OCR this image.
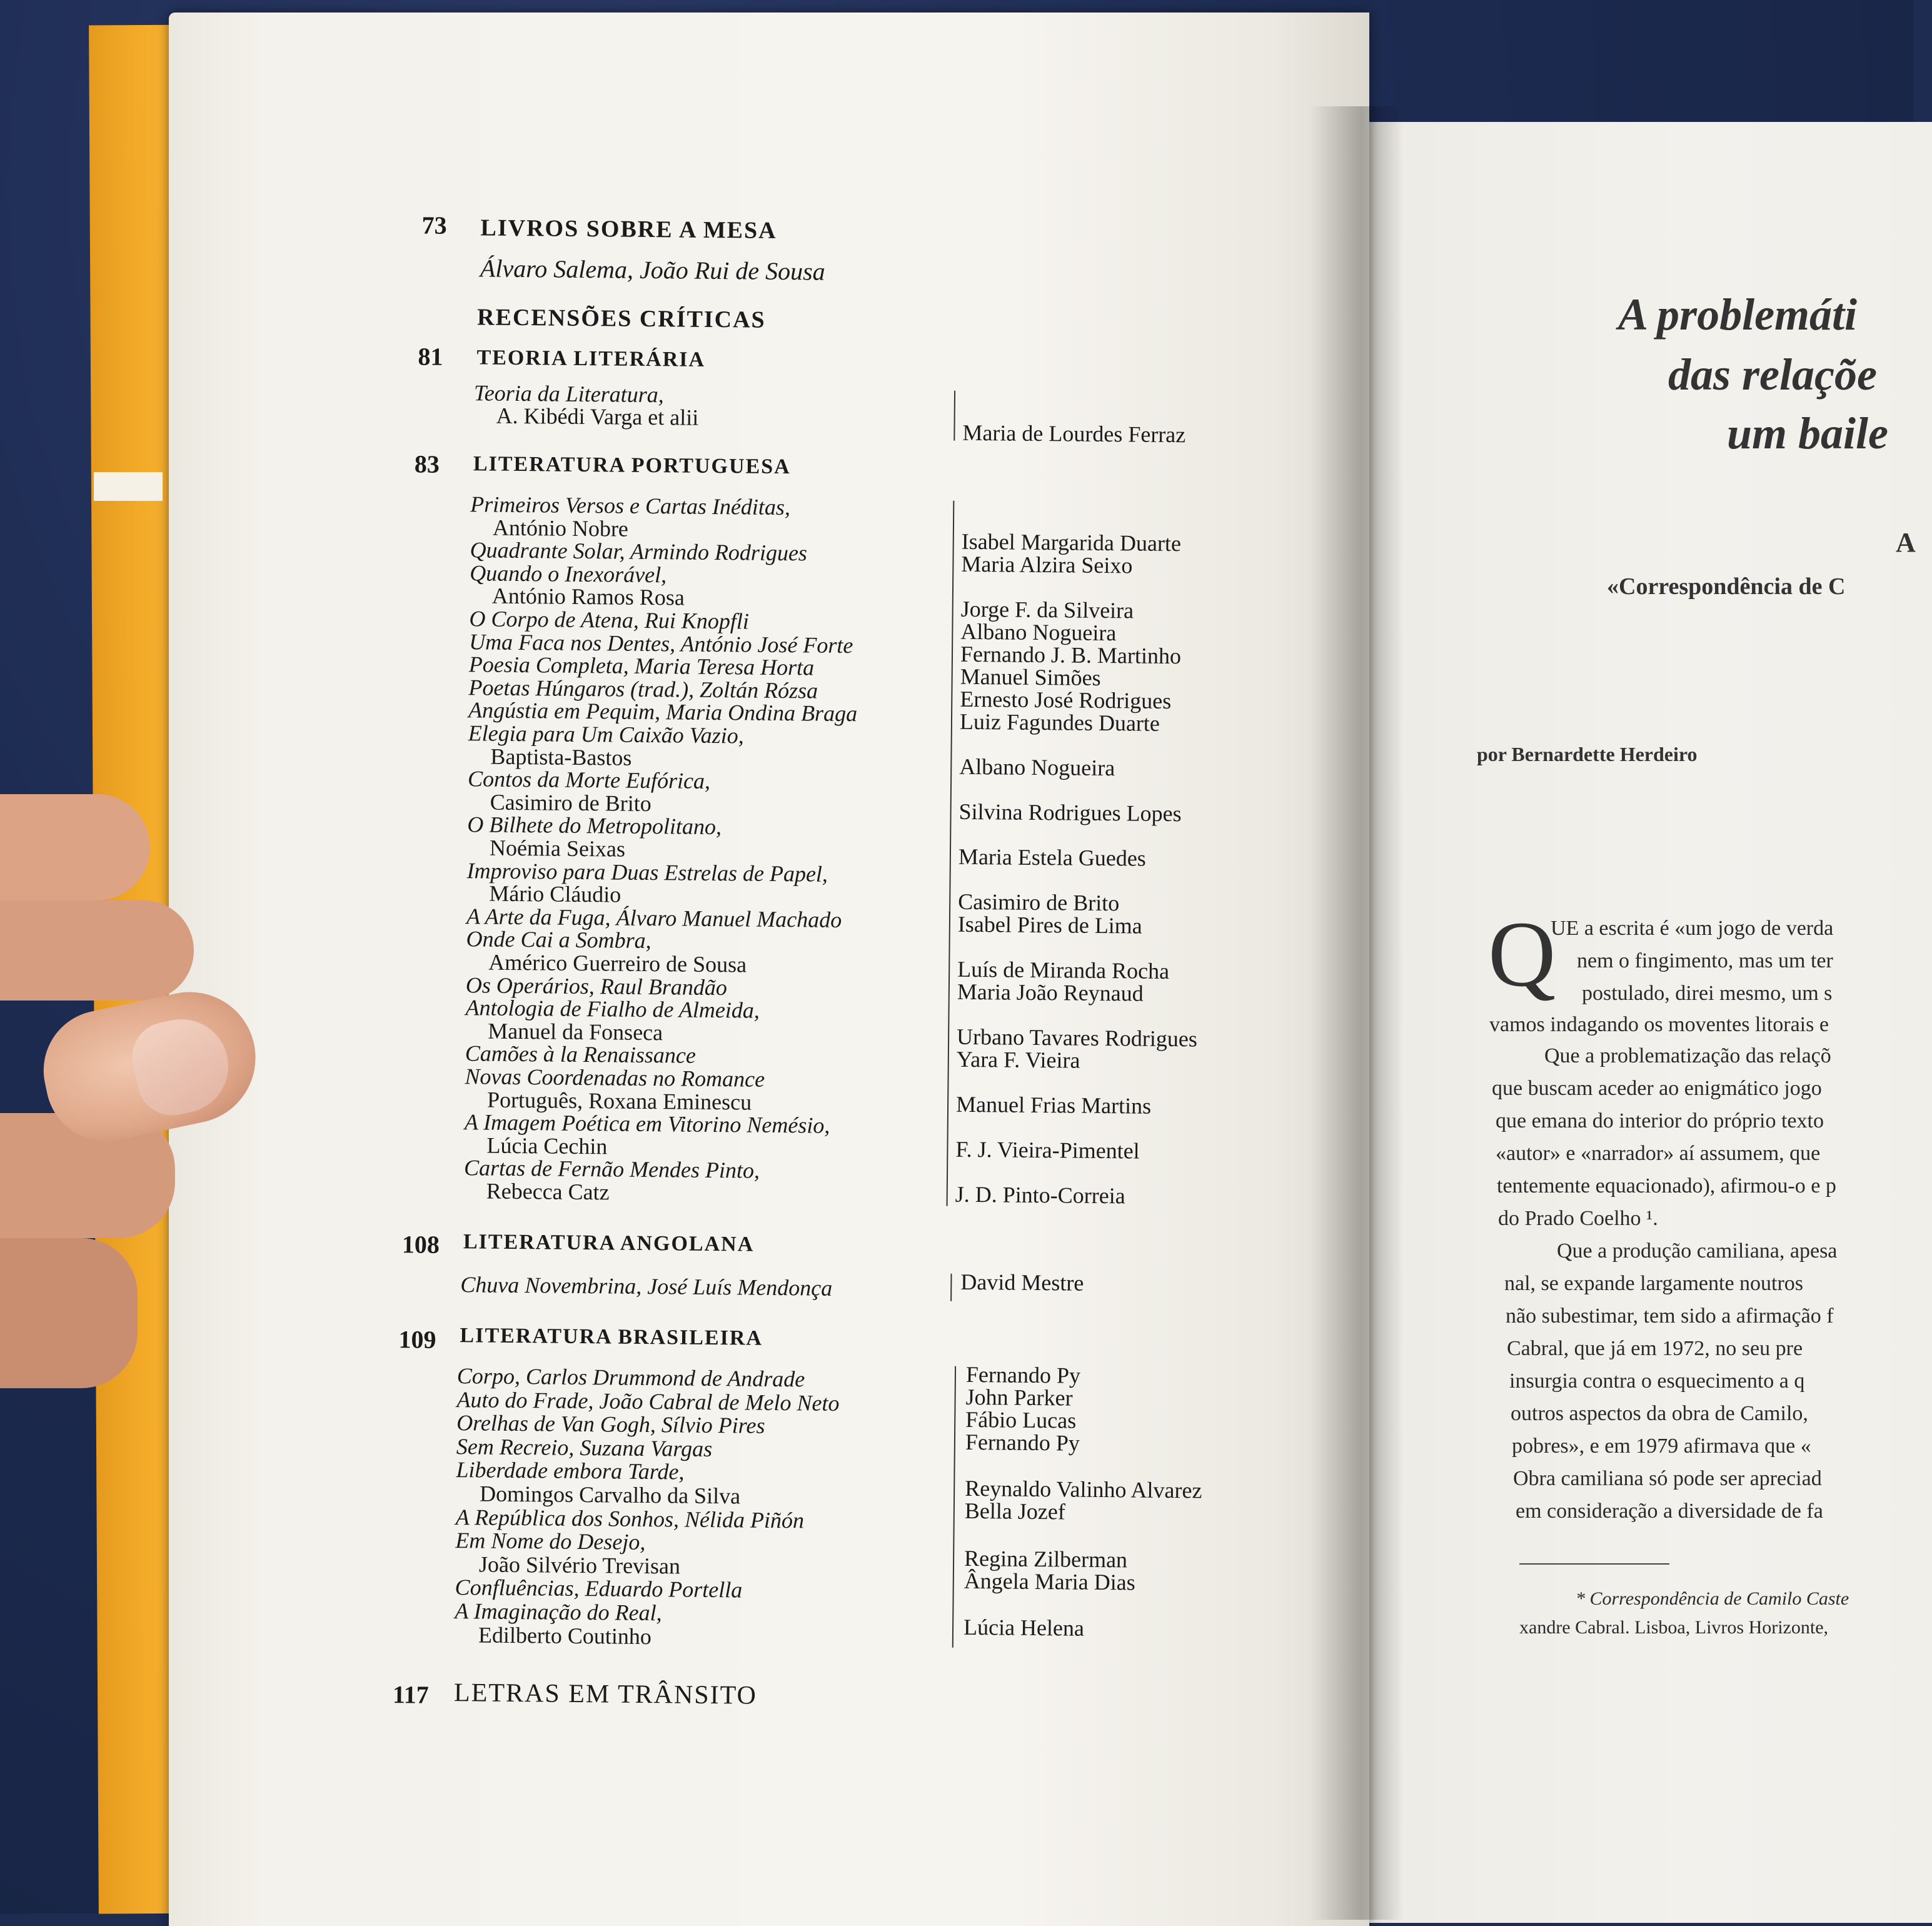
73 LIVROS SOBRE A MESA
Álvaro Salema, João Rui de Sousa
RECENSÕES CRÍTICAS
81 TEORIA LITERÁRIA
Teoria da Literatura,
A. Kibédi Varga et alii
Maria de Lourdes Ferraz
83 LITERATURA PORTUGUESA
Primeiros Versos e Cartas Inéditas,
António Nobre
Quadrante Solar, Armindo Rodrigues
Quando o Inexorável,
António Ramos Rosa
O Corpo de Atena, Rui Knopfli
Uma Faca nos Dentes, António José Forte
Poesia Completa, Maria Teresa Horta
Poetas Húngaros (trad.), Zoltán Rózsa
Angústia em Pequim, Maria Ondina Braga
Elegia para Um Caixão Vazio,
Baptista-Bastos
Contos da Morte Eufórica,
Casimiro de Brito
O Bilhete do Metropolitano,
Noémia Seixas
Improviso para Duas Estrelas de Papel,
Mário Cláudio
A Arte da Fuga, Álvaro Manuel Machado
Onde Cai a Sombra,
Américo Guerreiro de Sousa
Os Operários, Raul Brandão
Antologia de Fialho de Almeida,
Manuel da Fonseca
Camões à la Renaissance
Novas Coordenadas no Romance
Português, Roxana Eminescu
A Imagem Poética em Vitorino Nemésio,
Lúcia Cechin
Cartas de Fernão Mendes Pinto,
Rebecca Catz
Isabel Margarida Duarte
Maria Alzira Seixo
Jorge F. da Silveira
Albano Nogueira
Fernando J. B. Martinho
Manuel Simões
Ernesto José Rodrigues
Luiz Fagundes Duarte
Albano Nogueira
Silvina Rodrigues Lopes
Maria Estela Guedes
Casimiro de Brito
Isabel Pires de Lima
Luís de Miranda Rocha
Maria João Reynaud
Urbano Tavares Rodrigues
Yara F. Vieira
Manuel Frias Martins
F. J. Vieira-Pimentel
J. D. Pinto-Correia
108 LITERATURA ANGOLANA
Chuva Novembrina, José Luís Mendonça	David Mestre
109 LITERATURA BRASILEIRA
Corpo, Carlos Drummond de Andrade
Auto do Frade, João Cabral de Melo Neto
Orelhas de Van Gogh, Sílvio Pires
Sem Recreio, Suzana Vargas
Liberdade embora Tarde,
Domingos Carvalho da Silva
A República dos Sonhos, Nélida Piñón
Em Nome do Desejo,
João Silvério Trevisan
Confluências, Eduardo Portella
A Imaginação do Real,
Edilberto Coutinho
Fernando Py
John Parker
Fábio Lucas
Fernando Py
Reynaldo Valinho Alvarez
Bella Jozef
Regina Zilberman
Ângela Maria Dias
Lúcia Helena
117 LETRAS EM TRÂNSITO
A problemáti
das relaçõe
um baile
A
«Correspondência de C
por Bernardette Herdeiro
Q
UE a escrita é «um jogo de verda
nem o fingimento, mas um ter
postulado, direi mesmo, um s
vamos indagando os moventes litorais e
Que a problematização das relaçõ
que buscam aceder ao enigmático jogo
que emana do interior do próprio texto
«autor» e «narrador» aí assumem, que
tentemente equacionado), afirmou-o e p
do Prado Coelho ¹.
Que a produção camiliana, apesa
nal, se expande largamente noutros
não subestimar, tem sido a afirmação f
Cabral, que já em 1972, no seu pre
insurgia contra o esquecimento a q
outros aspectos da obra de Camilo,
pobres», e em 1979 afirmava que «
Obra camiliana só pode ser apreciad
em consideração a diversidade de fa
* Correspondência de Camilo Caste
xandre Cabral. Lisboa, Livros Horizonte,
